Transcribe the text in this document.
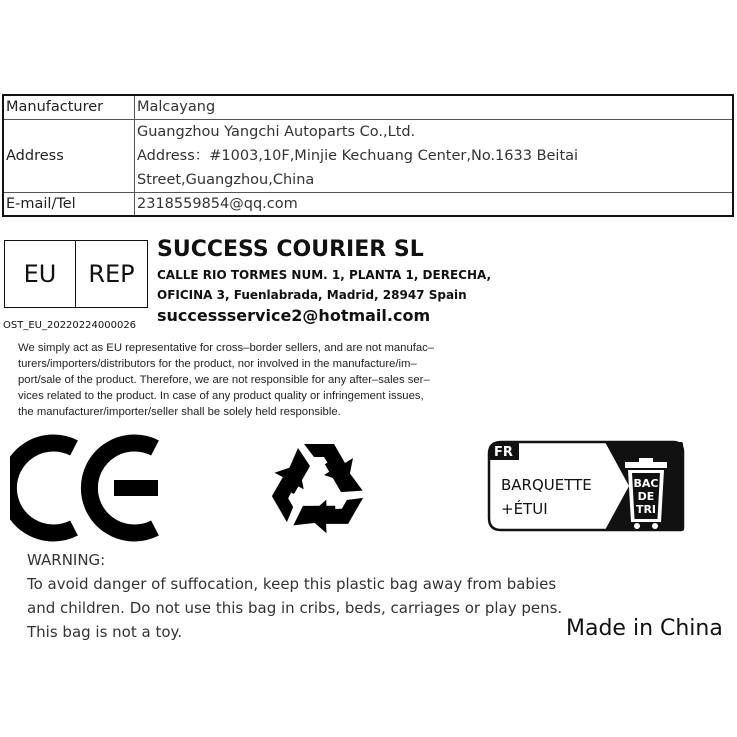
Manufacturer	Malcayang
Address	Guangzhou Yangchi Autoparts Co.,Ltd.
Address：#1003,10F,Minjie Kechuang Center,No.1633 Beitai
Street,Guangzhou,China

E-mail/Tel	2318559854@qq.com
EU	REP
OST_EU_20220224000026
SUCCESS COURIER SL
CALLE RIO TORMES NUM. 1, PLANTA 1, DERECHA,
OFICINA 3, Fuenlabrada, Madrid, 28947 Spain
successservice2@hotmail.com
We simply act as EU representative for cross–border sellers, and are not manufac–
turers/importers/distributors for the product, nor involved in the manufacture/im–
port/sale of the product. Therefore, we are not responsible for any after–sales ser–
vices related to the product. In case of any product quality or infringement issues,
the manufacturer/importer/seller shall be solely held responsible.
FR
BAC
DE
TRI
BARQUETTE
+ÉTUI
WARNING:
To avoid danger of suffocation, keep this plastic bag away from babies
and children. Do not use this bag in cribs, beds, carriages or play pens.
This bag is not a toy.	Made in China
